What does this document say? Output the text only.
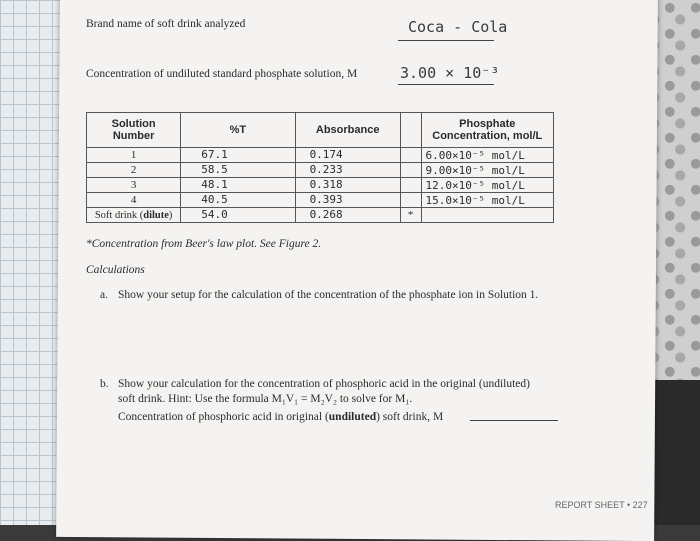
Brand name of soft drink analyzed	Coca - Cola
Concentration of undiluted standard phosphate solution, M	3.00 × 10⁻³
Solution Number	%T	Absorbance		Phosphate Concentration, mol/L
1	67.1	0.174		6.00×10⁻⁵ mol/L
2	58.5	0.233		9.00×10⁻⁵ mol/L
3	48.1	0.318		12.0×10⁻⁵ mol/L
4	40.5	0.393		15.0×10⁻⁵ mol/L
Soft drink (dilute)	54.0	0.268	*	
*Concentration from Beer's law plot. See Figure 2.
Calculations
a. Show your setup for the calculation of the concentration of the phosphate ion in Solution 1.
b. Show your calculation for the concentration of phosphoric acid in the original (undiluted)
soft drink. Hint: Use the formula M₁V₁ = M₂V₂ to solve for M₁.
Concentration of phosphoric acid in original (undiluted) soft drink, M
REPORT SHEET • 227
